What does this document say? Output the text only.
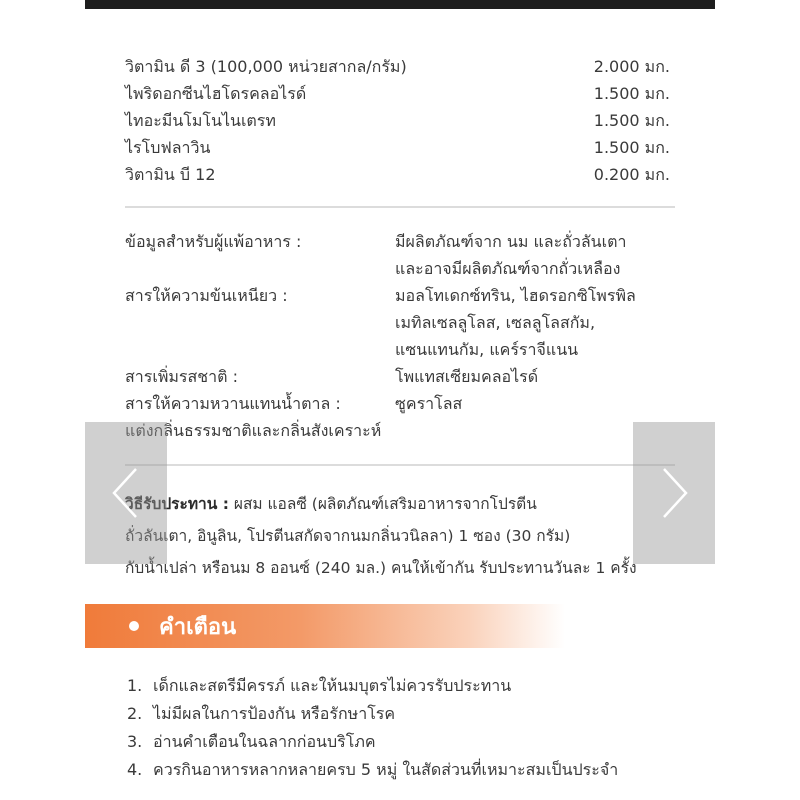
วิตามิน ดี 3 (100,000 หน่วยสากล/กรัม)	2.000 มก.
ไพริดอกซีนไฮโดรคลอไรด์	1.500 มก.
ไทอะมีนโมโนไนเตรท	1.500 มก.
ไรโบฟลาวิน	1.500 มก.
วิตามิน บี 12	0.200 มก.
ข้อมูลสำหรับผู้แพ้อาหาร :	มีผลิตภัณฑ์จาก นม และถั่วลันเตา
และอาจมีผลิตภัณฑ์จากถั่วเหลือง
สารให้ความข้นเหนียว :	มอลโทเดกซ์ทริน, ไฮดรอกซิโพรพิล
เมทิลเซลลูโลส, เซลลูโลสกัม,
แซนแทนกัม, แคร์ราจีแนน
สารเพิ่มรสชาติ :	โพแทสเซียมคลอไรด์
สารให้ความหวานแทนน้ำตาล :	ซูคราโลส
แต่งกลิ่นธรรมชาติและกลิ่นสังเคราะห์
วิธีรับประทาน : ผสม แอลซี (ผลิตภัณฑ์เสริมอาหารจากโปรตีน
ถั่วลันเตา, อินูลิน, โปรตีนสกัดจากนมกลิ่นวนิลลา) 1 ซอง (30 กรัม)
กับน้ำเปล่า หรือนม 8 ออนซ์ (240 มล.) คนให้เข้ากัน รับประทานวันละ 1 ครั้ง
คำเตือน
1. เด็กและสตรีมีครรภ์ และให้นมบุตรไม่ควรรับประทาน
2. ไม่มีผลในการป้องกัน หรือรักษาโรค
3. อ่านคำเตือนในฉลากก่อนบริโภค
4. ควรกินอาหารหลากหลายครบ 5 หมู่ ในสัดส่วนที่เหมาะสมเป็นประจำ
